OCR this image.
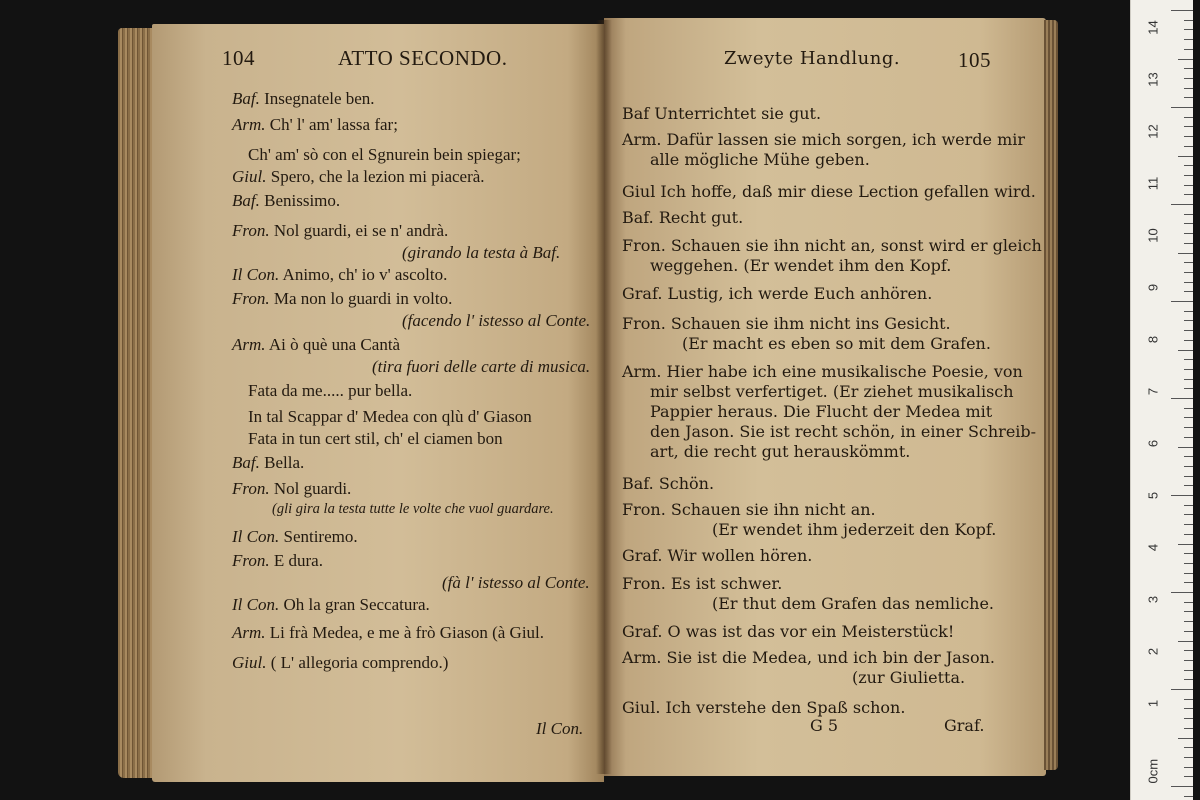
104	ATTO SECONDO.
Baf. Insegnatele ben.
Arm. Ch' l' am' lassa far;
Ch' am' sò con el Sgnurein bein spiegar;
Giul. Spero, che la lezion mi piacerà.
Baf. Benissimo.
Fron. Nol guardi, ei se n' andrà.
(girando la testa à Baf.
Il Con. Animo, ch' io v' ascolto.
Fron. Ma non lo guardi in volto.
(facendo l' istesso al Conte.
Arm. Ai ò què una Cantà
(tira fuori delle carte di musica.
Fata da me..... pur bella.
In tal Scappar d' Medea con qlù d' Giason
Fata in tun cert stil, ch' el ciamen bon
Baf. Bella.
Fron. Nol guardi.
(gli gira la testa tutte le volte che vuol guardare.
Il Con. Sentiremo.
Fron. E dura.
(fà l' istesso al Conte.
Il Con. Oh la gran Seccatura.
Arm. Li frà Medea, e me à frò Giason (à Giul.
Giul. ( L' allegoria comprendo.)
Il Con.
Zweyte Handlung.	105
Baf Unterrichtet sie gut.
Arm. Dafür lassen sie mich sorgen, ich werde mir
alle mögliche Mühe geben.
Giul Ich hoffe, daß mir diese Lection gefallen wird.
Baf. Recht gut.
Fron. Schauen sie ihn nicht an, sonst wird er gleich
weggehen. (Er wendet ihm den Kopf.
Graf. Lustig, ich werde Euch anhören.
Fron. Schauen sie ihm nicht ins Gesicht.
(Er macht es eben so mit dem Grafen.
Arm. Hier habe ich eine musikalische Poesie, von
mir selbst verfertiget. (Er ziehet musikalisch
Pappier heraus. Die Flucht der Medea mit
den Jason. Sie ist recht schön, in einer Schreib-
art, die recht gut herauskömmt.
Baf. Schön.
Fron. Schauen sie ihn nicht an.
(Er wendet ihm jederzeit den Kopf.
Graf. Wir wollen hören.
Fron. Es ist schwer.
(Er thut dem Grafen das nemliche.
Graf. O was ist das vor ein Meisterstück!
Arm. Sie ist die Medea, und ich bin der Jason.
(zur Giulietta.
Giul. Ich verstehe den Spaß schon.
G 5	Graf.
0cm
14
13
12
11
10
9
8
7
6
5
4
3
2
1
